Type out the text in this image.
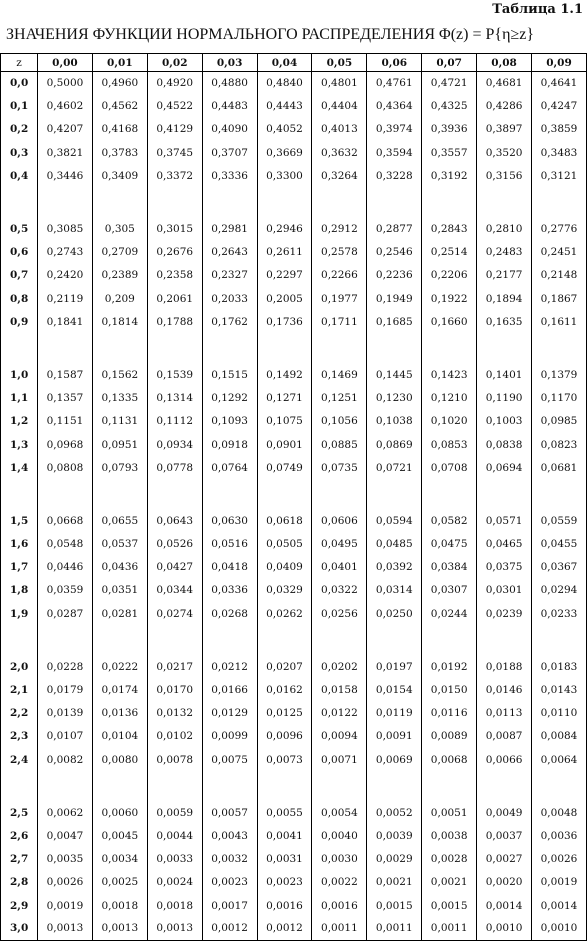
Таблица 1.1
ЗНАЧЕНИЯ ФУНКЦИИ НОРМАЛЬНОГО РАСПРЕДЕЛЕНИЯ Φ(z) = P{η≥z}
z	0,00	0,01	0,02	0,03	0,04	0,05	0,06	0,07	0,08	0,09
0,0	0,5000	0,4960	0,4920	0,4880	0,4840	0,4801	0,4761	0,4721	0,4681	0,4641
0,1	0,4602	0,4562	0,4522	0,4483	0,4443	0,4404	0,4364	0,4325	0,4286	0,4247
0,2	0,4207	0,4168	0,4129	0,4090	0,4052	0,4013	0,3974	0,3936	0,3897	0,3859
0,3	0,3821	0,3783	0,3745	0,3707	0,3669	0,3632	0,3594	0,3557	0,3520	0,3483
0,4	0,3446	0,3409	0,3372	0,3336	0,3300	0,3264	0,3228	0,3192	0,3156	0,3121

0,5	0,3085	0,305	0,3015	0,2981	0,2946	0,2912	0,2877	0,2843	0,2810	0,2776
0,6	0,2743	0,2709	0,2676	0,2643	0,2611	0,2578	0,2546	0,2514	0,2483	0,2451
0,7	0,2420	0,2389	0,2358	0,2327	0,2297	0,2266	0,2236	0,2206	0,2177	0,2148
0,8	0,2119	0,209	0,2061	0,2033	0,2005	0,1977	0,1949	0,1922	0,1894	0,1867
0,9	0,1841	0,1814	0,1788	0,1762	0,1736	0,1711	0,1685	0,1660	0,1635	0,1611

1,0	0,1587	0,1562	0,1539	0,1515	0,1492	0,1469	0,1445	0,1423	0,1401	0,1379
1,1	0,1357	0,1335	0,1314	0,1292	0,1271	0,1251	0,1230	0,1210	0,1190	0,1170
1,2	0,1151	0,1131	0,1112	0,1093	0,1075	0,1056	0,1038	0,1020	0,1003	0,0985
1,3	0,0968	0,0951	0,0934	0,0918	0,0901	0,0885	0,0869	0,0853	0,0838	0,0823
1,4	0,0808	0,0793	0,0778	0,0764	0,0749	0,0735	0,0721	0,0708	0,0694	0,0681

1,5	0,0668	0,0655	0,0643	0,0630	0,0618	0,0606	0,0594	0,0582	0,0571	0,0559
1,6	0,0548	0,0537	0,0526	0,0516	0,0505	0,0495	0,0485	0,0475	0,0465	0,0455
1,7	0,0446	0,0436	0,0427	0,0418	0,0409	0,0401	0,0392	0,0384	0,0375	0,0367
1,8	0,0359	0,0351	0,0344	0,0336	0,0329	0,0322	0,0314	0,0307	0,0301	0,0294
1,9	0,0287	0,0281	0,0274	0,0268	0,0262	0,0256	0,0250	0,0244	0,0239	0,0233

2,0	0,0228	0,0222	0,0217	0,0212	0,0207	0,0202	0,0197	0,0192	0,0188	0,0183
2,1	0,0179	0,0174	0,0170	0,0166	0,0162	0,0158	0,0154	0,0150	0,0146	0,0143
2,2	0,0139	0,0136	0,0132	0,0129	0,0125	0,0122	0,0119	0,0116	0,0113	0,0110
2,3	0,0107	0,0104	0,0102	0,0099	0,0096	0,0094	0,0091	0,0089	0,0087	0,0084
2,4	0,0082	0,0080	0,0078	0,0075	0,0073	0,0071	0,0069	0,0068	0,0066	0,0064

2,5	0,0062	0,0060	0,0059	0,0057	0,0055	0,0054	0,0052	0,0051	0,0049	0,0048
2,6	0,0047	0,0045	0,0044	0,0043	0,0041	0,0040	0,0039	0,0038	0,0037	0,0036
2,7	0,0035	0,0034	0,0033	0,0032	0,0031	0,0030	0,0029	0,0028	0,0027	0,0026
2,8	0,0026	0,0025	0,0024	0,0023	0,0023	0,0022	0,0021	0,0021	0,0020	0,0019
2,9	0,0019	0,0018	0,0018	0,0017	0,0016	0,0016	0,0015	0,0015	0,0014	0,0014
3,0	0,0013	0,0013	0,0013	0,0012	0,0012	0,0011	0,0011	0,0011	0,0010	0,0010
